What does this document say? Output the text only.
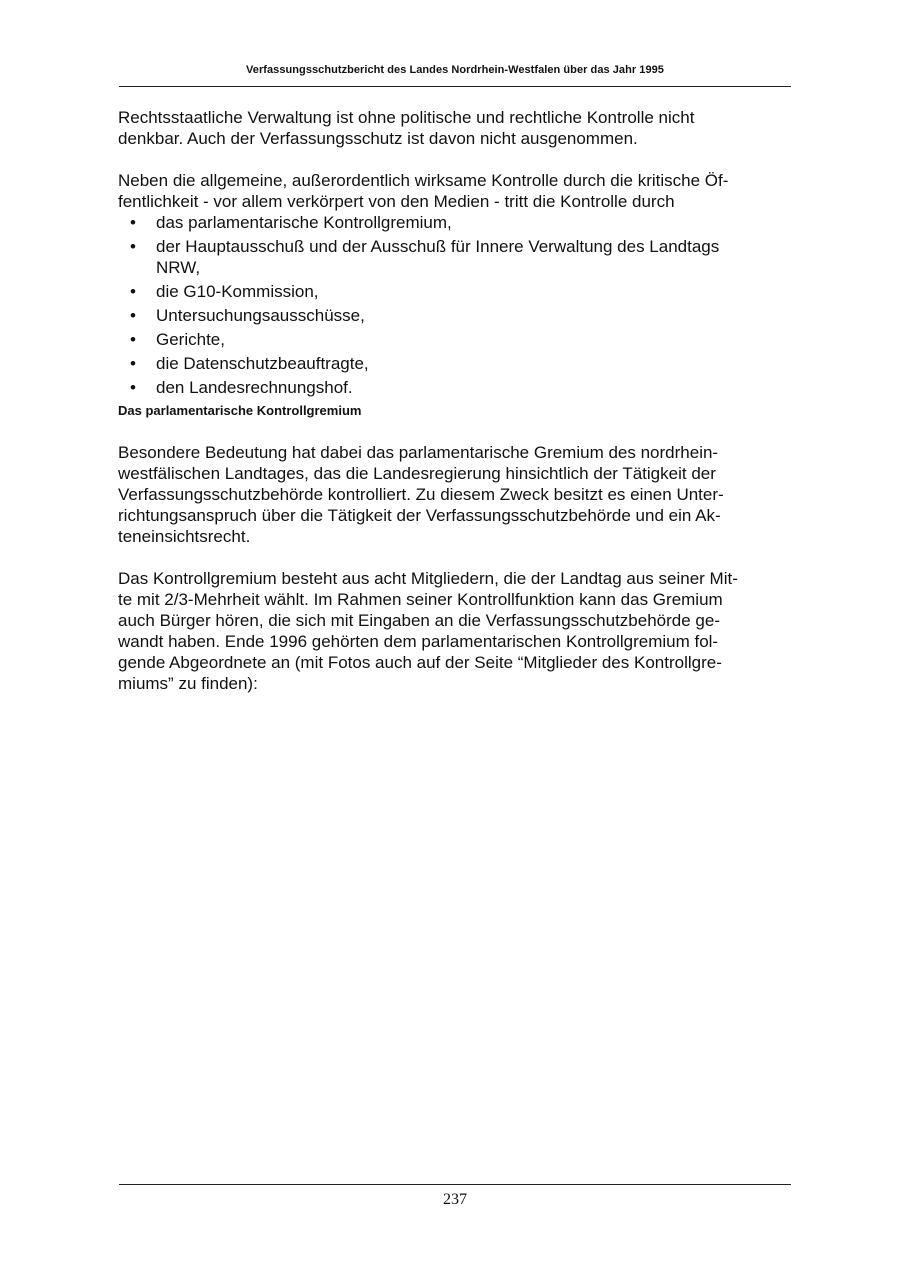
Verfassungsschutzbericht des Landes Nordrhein-Westfalen über das Jahr 1995

Rechtsstaatliche Verwaltung ist ohne politische und rechtliche Kontrolle nicht
denkbar. Auch der Verfassungsschutz ist davon nicht ausgenommen.

Neben die allgemeine, außerordentlich wirksame Kontrolle durch die kritische Öf-
fentlichkeit - vor allem verkörpert von den Medien - tritt die Kontrolle durch

• das parlamentarische Kontrollgremium,
• der Hauptausschuß und der Ausschuß für Innere Verwaltung des Landtags
NRW,
• die G10-Kommission,
• Untersuchungsausschüsse,
• Gerichte,
• die Datenschutzbeauftragte,
• den Landesrechnungshof.

Das parlamentarische Kontrollgremium

Besondere Bedeutung hat dabei das parlamentarische Gremium des nordrhein-
westfälischen Landtages, das die Landesregierung hinsichtlich der Tätigkeit der
Verfassungsschutzbehörde kontrolliert. Zu diesem Zweck besitzt es einen Unter-
richtungsanspruch über die Tätigkeit der Verfassungsschutzbehörde und ein Ak-
teneinsichtsrecht.

Das Kontrollgremium besteht aus acht Mitgliedern, die der Landtag aus seiner Mit-
te mit 2/3-Mehrheit wählt. Im Rahmen seiner Kontrollfunktion kann das Gremium
auch Bürger hören, die sich mit Eingaben an die Verfassungsschutzbehörde ge-
wandt haben. Ende 1996 gehörten dem parlamentarischen Kontrollgremium fol-
gende Abgeordnete an (mit Fotos auch auf der Seite “Mitglieder des Kontrollgre-
miums” zu finden):

237
